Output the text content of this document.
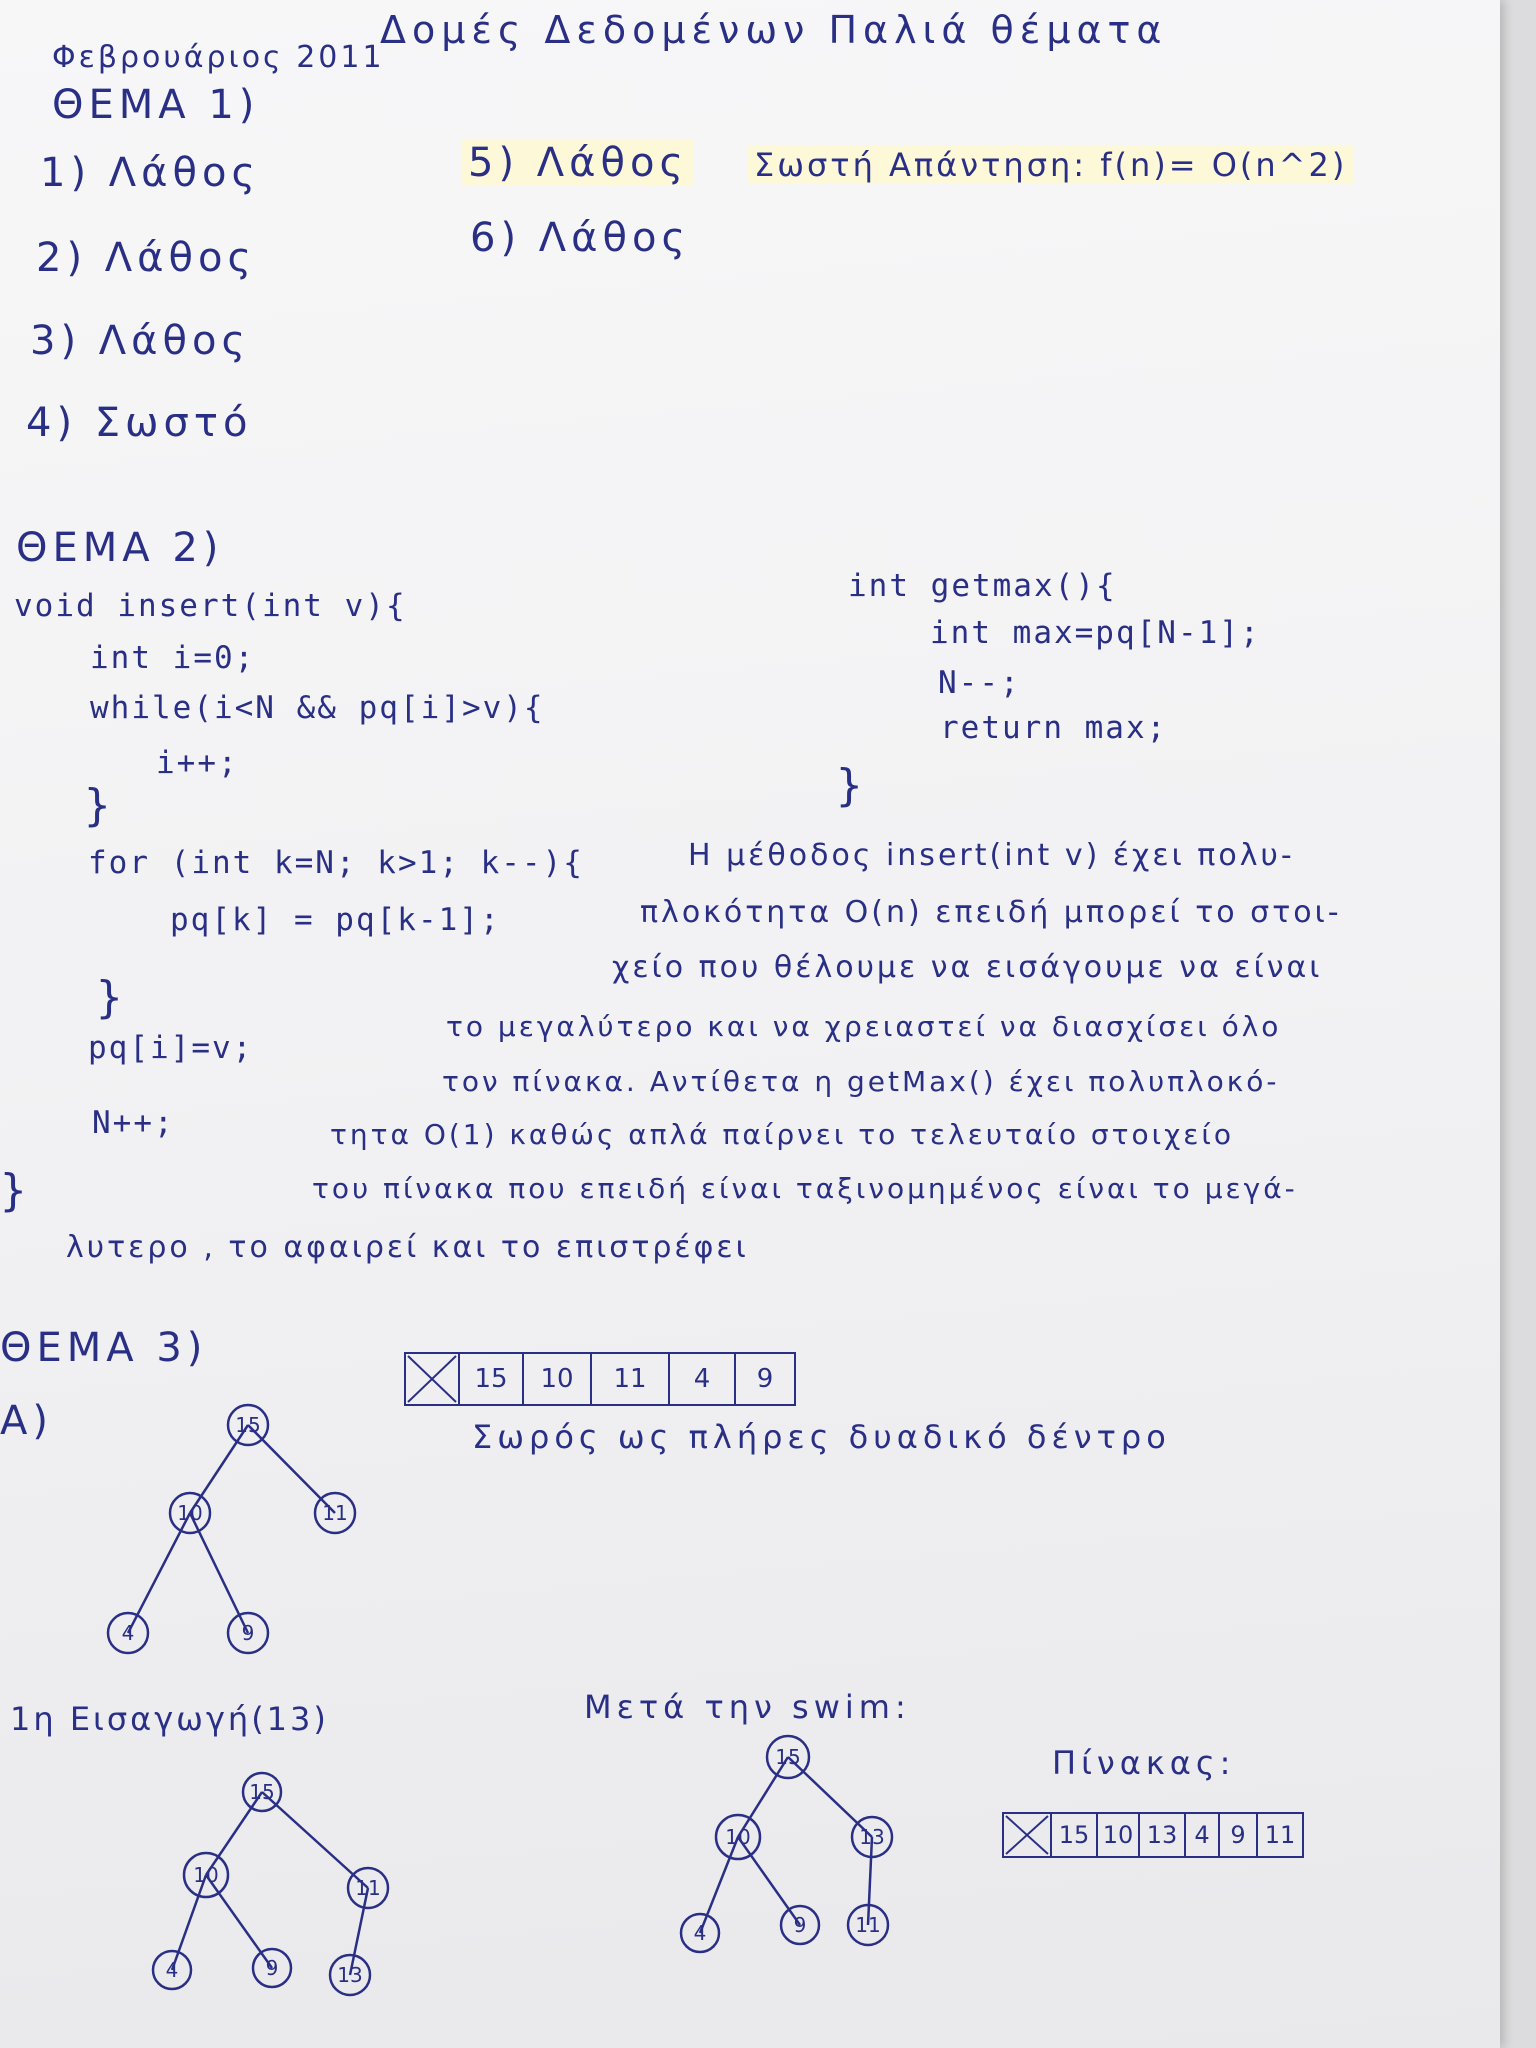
Δομές Δεδομένων Παλιά θέματα
Φεβρουάριος 2011
ΘΕΜΑ 1)
1) Λάθος
2) Λάθος
3) Λάθος
4) Σωστό
5) Λάθος Σωστή Απάντηση: f(n)= O(n^2)
6) Λάθος
ΘΕΜΑ 2)
void insert(int v){
int i=0;
while(i<N && pq[i]>v){
i++;
}
for (int k=N; k>1; k--){
pq[k] = pq[k-1];
}
pq[i]=v;
N++;
}
int getmax(){
int max=pq[N-1];
N--;
return max;
}
Η μέθοδος insert(int v) έχει πολυ-
πλοκότητα O(n) επειδή μπορεί το στοι-
χείο που θέλουμε να εισάγουμε να είναι
το μεγαλύτερο και να χρειαστεί να διασχίσει όλο
τον πίνακα. Αντίθετα η getMax() έχει πολυπλοκό-
τητα O(1) καθώς απλά παίρνει το τελευταίο στοιχείο
του πίνακα που επειδή είναι ταξινομημένος είναι το μεγά-
λυτερο , το αφαιρεί και το επιστρέφει
ΘΕΜΑ 3)
Α)
15	10	11	4	9
Σωρός ως πλήρες δυαδικό δέντρο
15
10	11
4	9
1η Εισαγωγή(13)	Μετά την swim:
Πίνακας:
15
10
11
4	9	13
15
10	13
4	9 11
15 10 13 4 9 11
